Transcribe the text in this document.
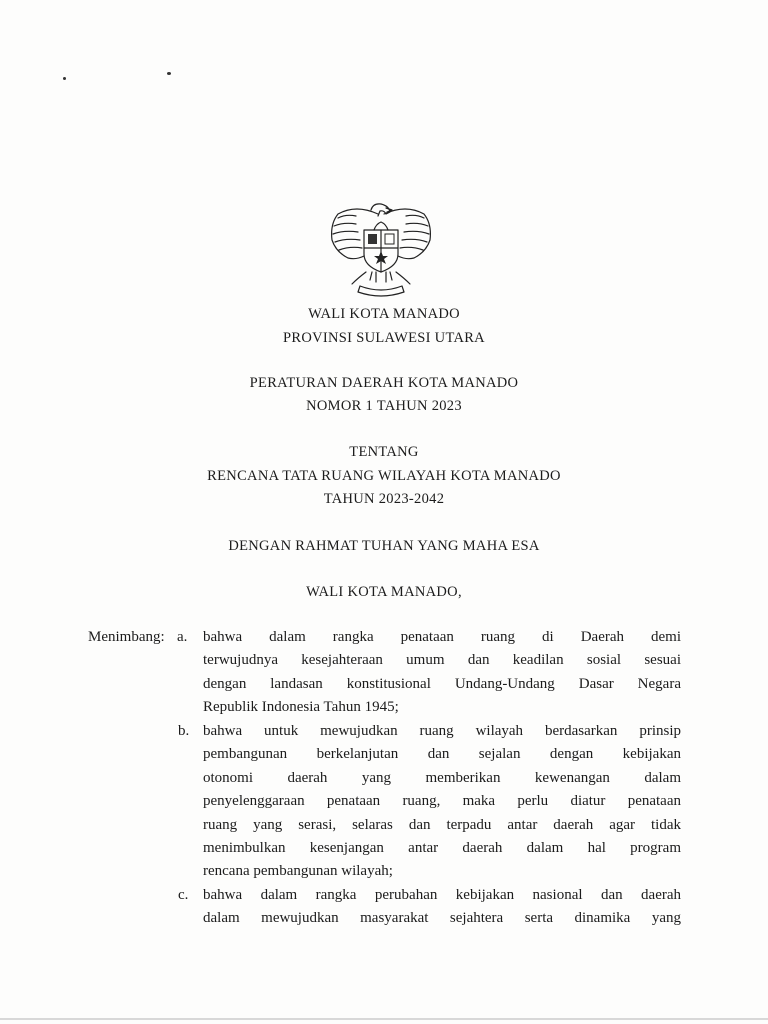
WALI KOTA MANADO
PROVINSI SULAWESI UTARA
PERATURAN DAERAH KOTA MANADO
NOMOR 1 TAHUN 2023
TENTANG
RENCANA TATA RUANG WILAYAH KOTA MANADO
TAHUN 2023-2042
DENGAN RAHMAT TUHAN YANG MAHA ESA
WALI KOTA MANADO,
Menimbang: a. bahwa dalam rangka penataan ruang di Daerah demi
terwujudnya kesejahteraan umum dan keadilan sosial sesuai
dengan landasan konstitusional Undang-Undang Dasar Negara
Republik Indonesia Tahun 1945;
b. bahwa untuk mewujudkan ruang wilayah berdasarkan prinsip
pembangunan berkelanjutan dan sejalan dengan kebijakan
otonomi daerah yang memberikan kewenangan dalam
penyelenggaraan penataan ruang, maka perlu diatur penataan
ruang yang serasi, selaras dan terpadu antar daerah agar tidak
menimbulkan kesenjangan antar daerah dalam hal program
rencana pembangunan wilayah;
c. bahwa dalam rangka perubahan kebijakan nasional dan daerah
dalam mewujudkan masyarakat sejahtera serta dinamika yang
